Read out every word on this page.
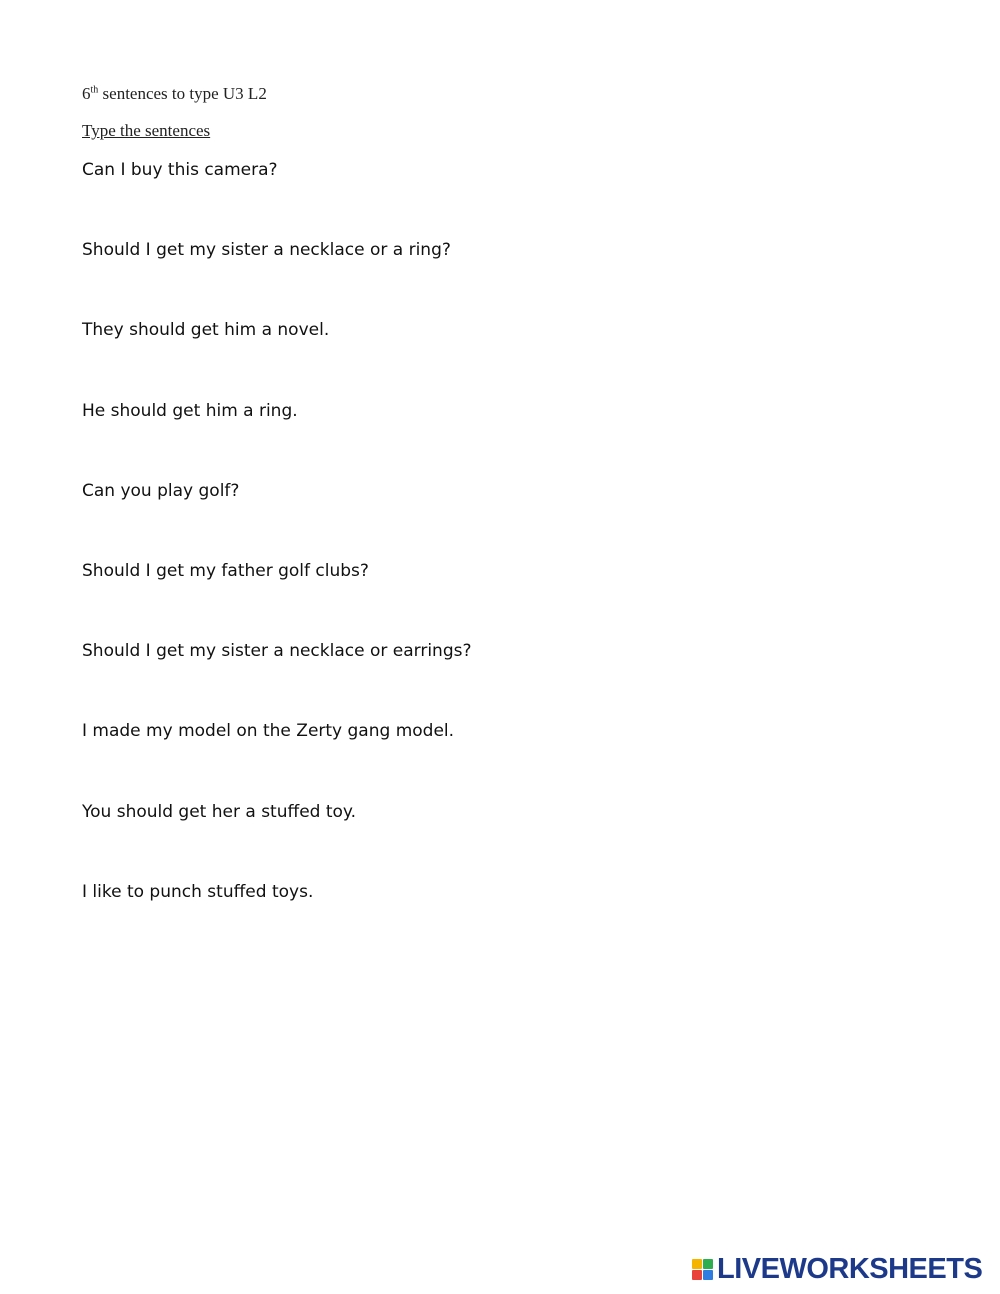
6th sentences to type U3 L2
Type the sentences
Can I buy this camera?
Should I get my sister a necklace or a ring?
They should get him a novel.
He should get him a ring.
Can you play golf?
Should I get my father golf clubs?
Should I get my sister a necklace or earrings?
I made my model on the Zerty gang model.
You should get her a stuffed toy.
I like to punch stuffed toys.
LIVEWORKSHEETS
